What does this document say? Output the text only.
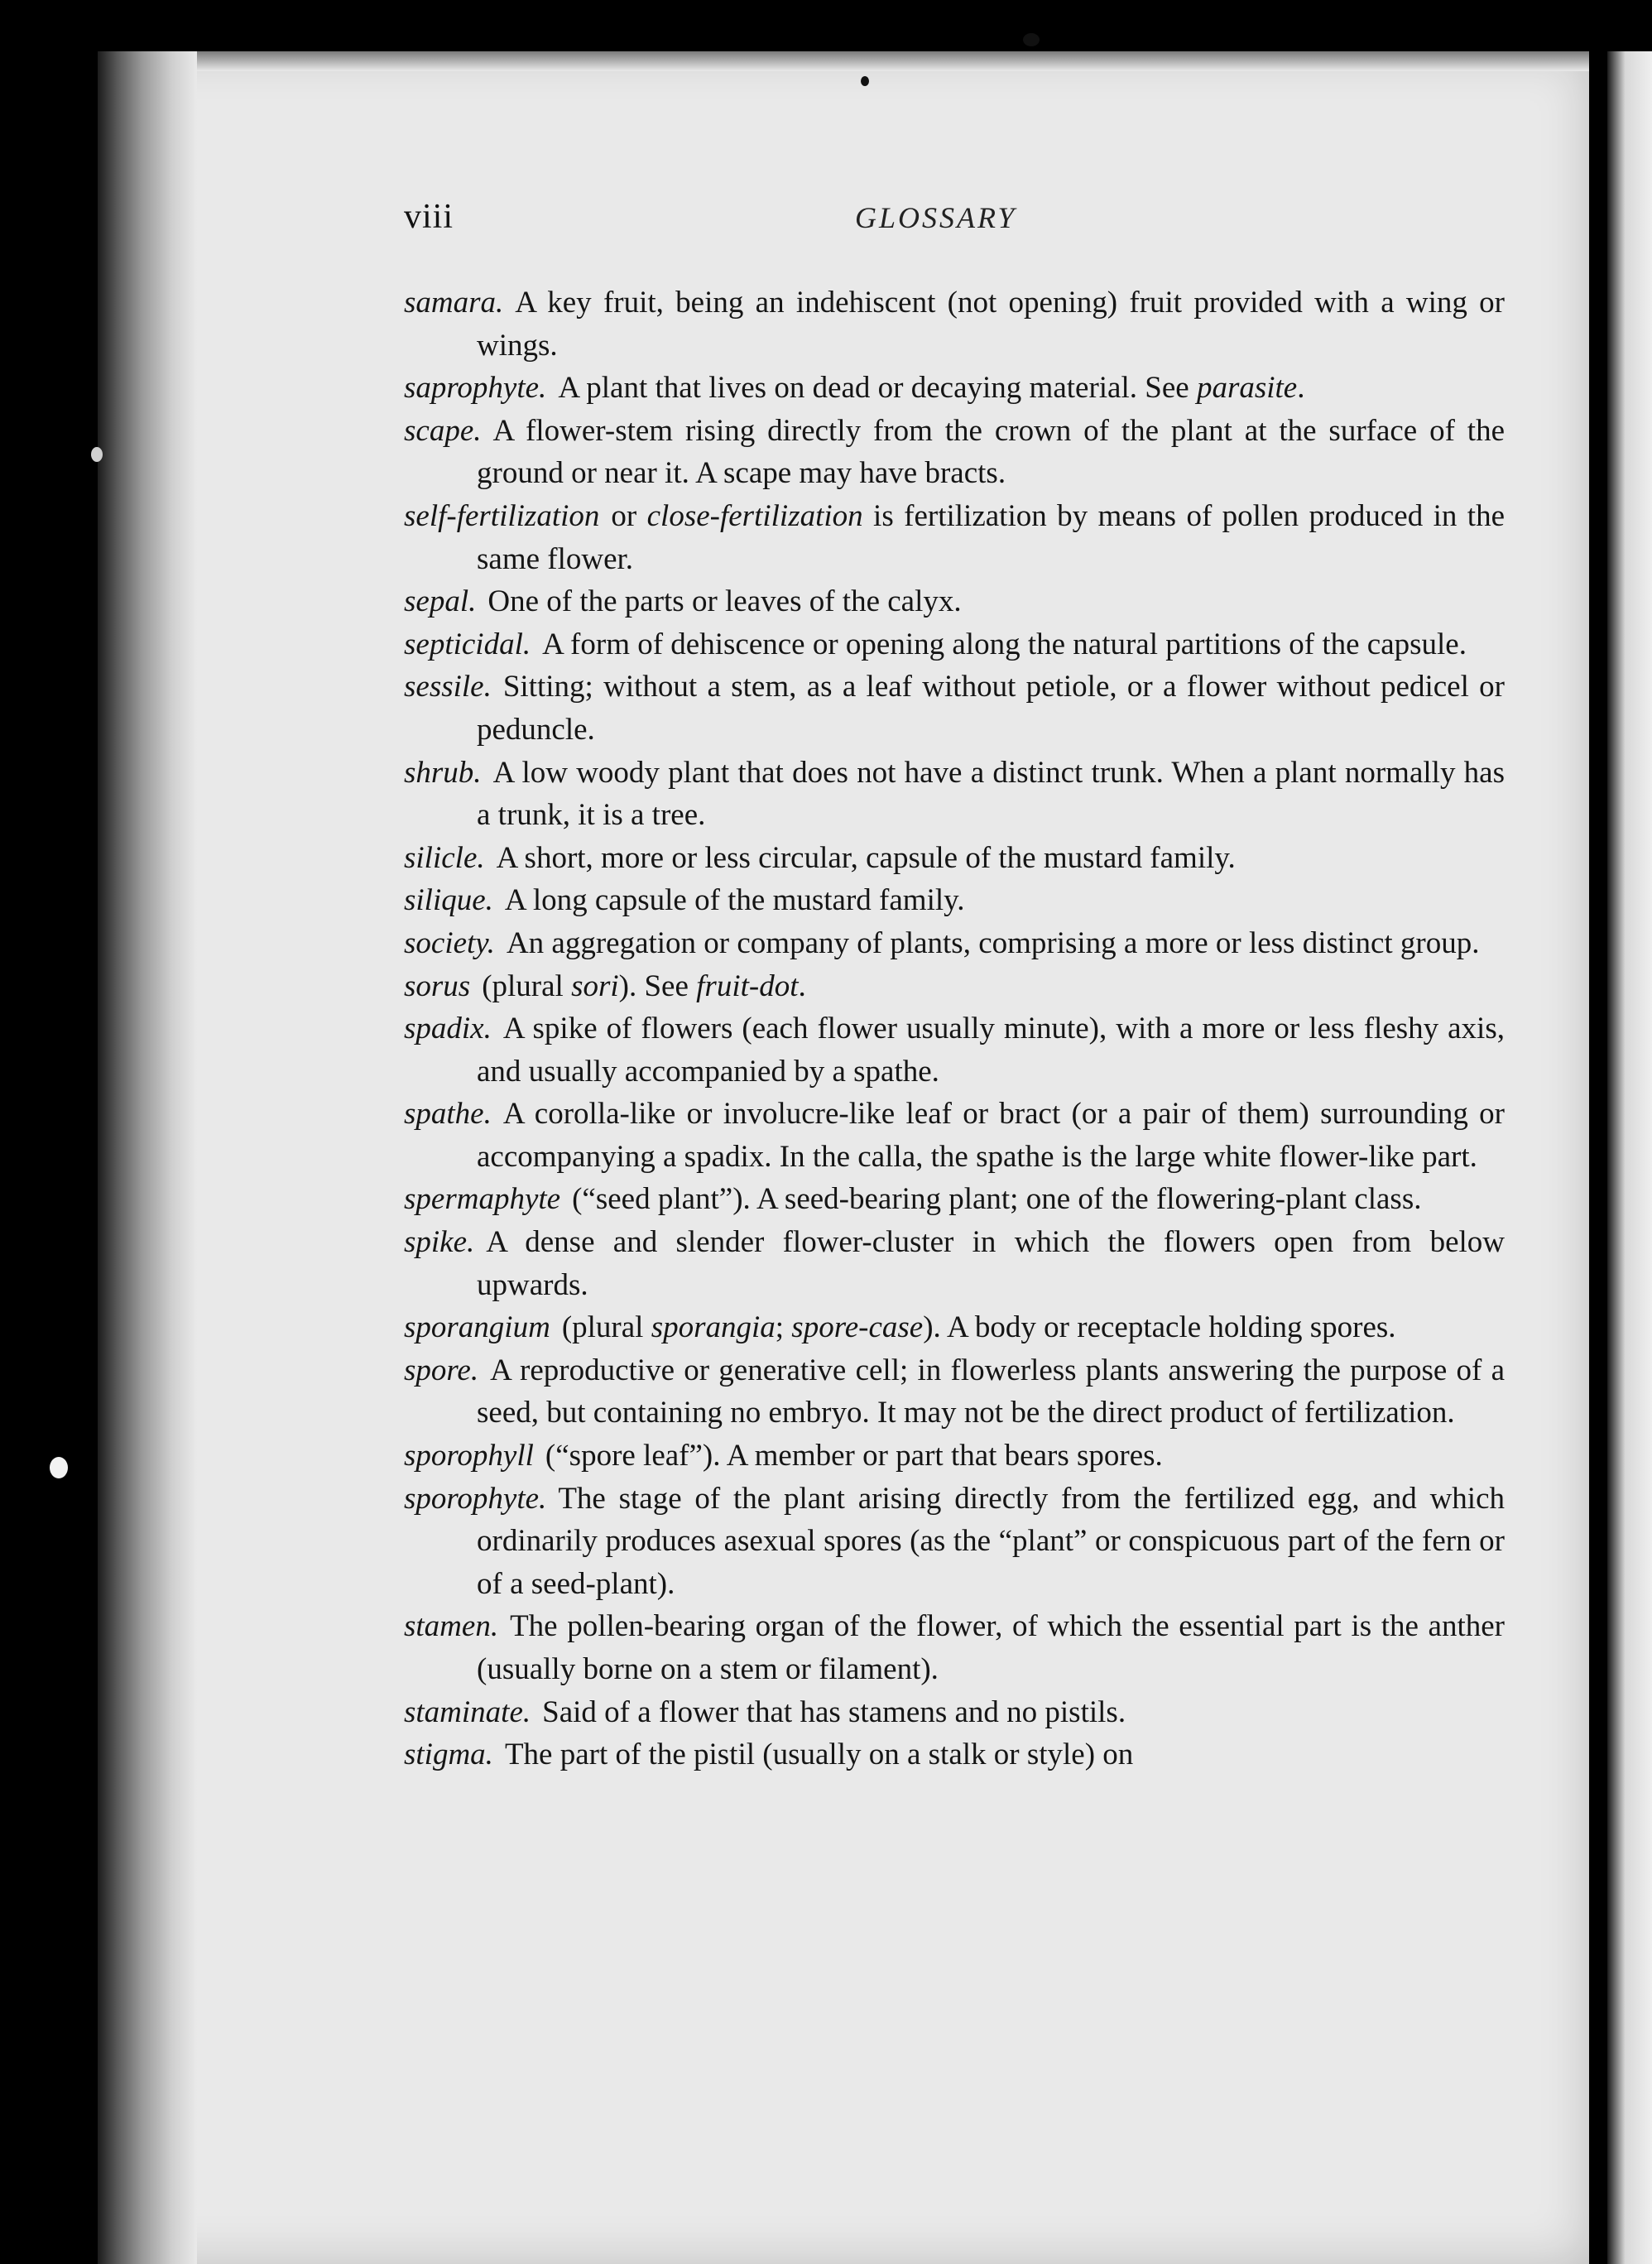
viii	GLOSSARY

samara. A key fruit, being an indehiscent (not opening) fruit provided with a wing or wings.

saprophyte. A plant that lives on dead or decaying material. See parasite.

scape. A flower-stem rising directly from the crown of the plant at the surface of the ground or near it. A scape may have bracts.

self-fertilization or close-fertilization is fertilization by means of pollen produced in the same flower.

sepal. One of the parts or leaves of the calyx.

septicidal. A form of dehiscence or opening along the natural partitions of the capsule.

sessile. Sitting; without a stem, as a leaf without petiole, or a flower without pedicel or peduncle.

shrub. A low woody plant that does not have a distinct trunk. When a plant normally has a trunk, it is a tree.

silicle. A short, more or less circular, capsule of the mustard family.

silique. A long capsule of the mustard family.

society. An aggregation or company of plants, comprising a more or less distinct group.

sorus (plural sori). See fruit-dot.

spadix. A spike of flowers (each flower usually minute), with a more or less fleshy axis, and usually accompanied by a spathe.

spathe. A corolla-like or involucre-like leaf or bract (or a pair of them) surrounding or accompanying a spadix. In the calla, the spathe is the large white flower-like part.

spermaphyte (“seed plant”). A seed-bearing plant; one of the flowering-plant class.

spike. A dense and slender flower-cluster in which the flowers open from below upwards.

sporangium (plural sporangia; spore-case). A body or receptacle holding spores.

spore. A reproductive or generative cell; in flowerless plants answering the purpose of a seed, but containing no embryo. It may not be the direct product of fertilization.

sporophyll (“spore leaf”). A member or part that bears spores.

sporophyte. The stage of the plant arising directly from the fertilized egg, and which ordinarily produces asexual spores (as the “plant” or conspicuous part of the fern or of a seed-plant).

stamen. The pollen-bearing organ of the flower, of which the essential part is the anther (usually borne on a stem or filament).

staminate. Said of a flower that has stamens and no pistils.

stigma. The part of the pistil (usually on a stalk or style) on
